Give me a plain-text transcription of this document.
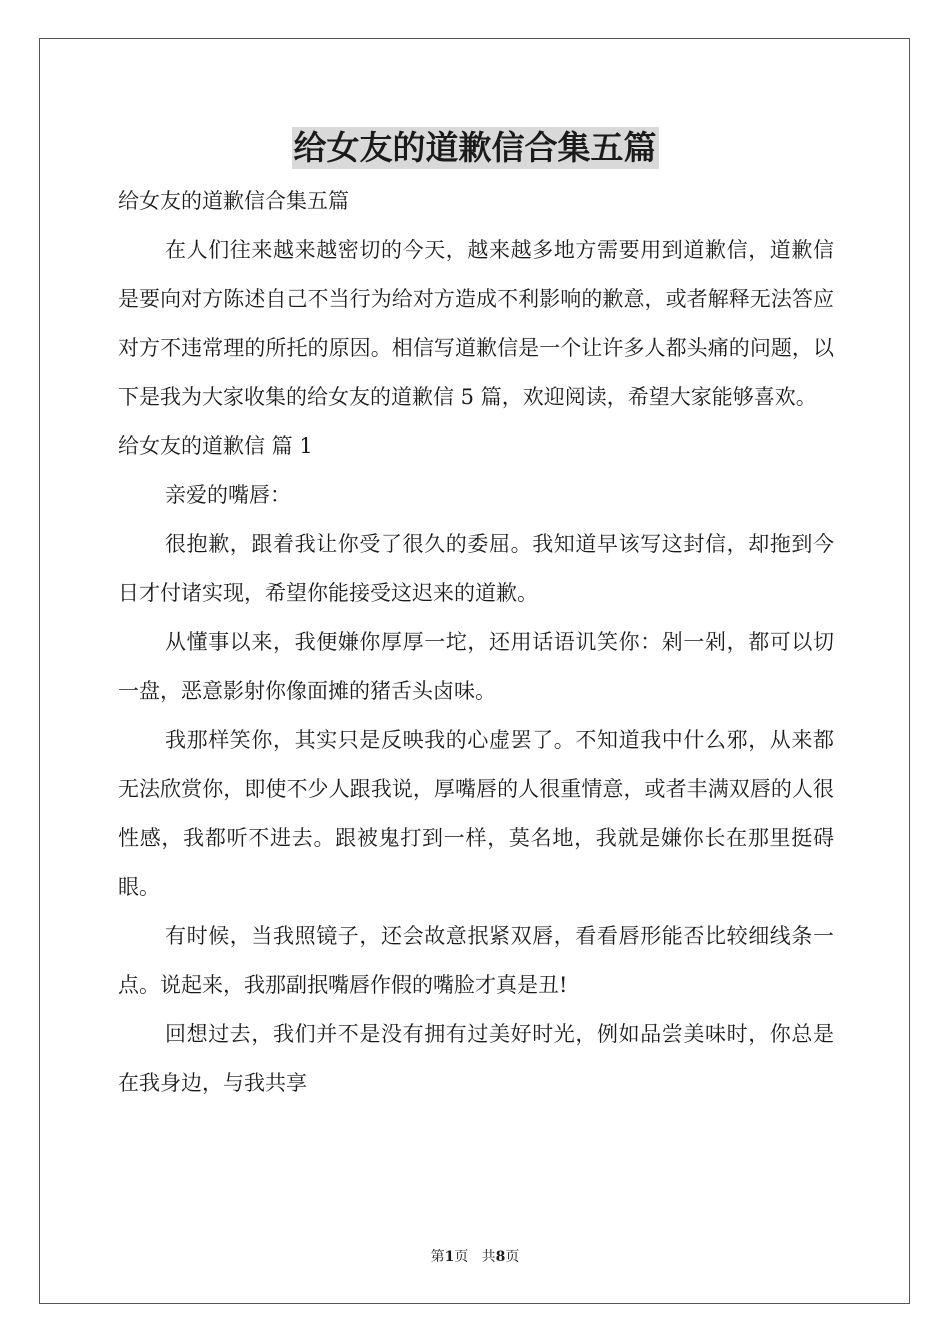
给女友的道歉信合集五篇

给女友的道歉信合集五篇

在人们往来越来越密切的今天，越来越多地方需要用到道歉信，道歉信是要向对方陈述自己不当行为给对方造成不利影响的歉意，或者解释无法答应对方不违常理的所托的原因。相信写道歉信是一个让许多人都头痛的问题，以下是我为大家收集的给女友的道歉信 5 篇，欢迎阅读，希望大家能够喜欢。

给女友的道歉信 篇 1

亲爱的嘴唇：

很抱歉，跟着我让你受了很久的委屈。我知道早该写这封信，却拖到今日才付诸实现，希望你能接受这迟来的道歉。

从懂事以来，我便嫌你厚厚一坨，还用话语讥笑你：剁一剁，都可以切一盘，恶意影射你像面摊的猪舌头卤味。

我那样笑你，其实只是反映我的心虚罢了。不知道我中什么邪，从来都无法欣赏你，即使不少人跟我说，厚嘴唇的人很重情意，或者丰满双唇的人很性感，我都听不进去。跟被鬼打到一样，莫名地，我就是嫌你长在那里挺碍眼。

有时候，当我照镜子，还会故意抿紧双唇，看看唇形能否比较细线条一点。说起来，我那副抿嘴唇作假的嘴脸才真是丑!

回想过去，我们并不是没有拥有过美好时光，例如品尝美味时，你总是在我身边，与我共享

第1页 共8页
